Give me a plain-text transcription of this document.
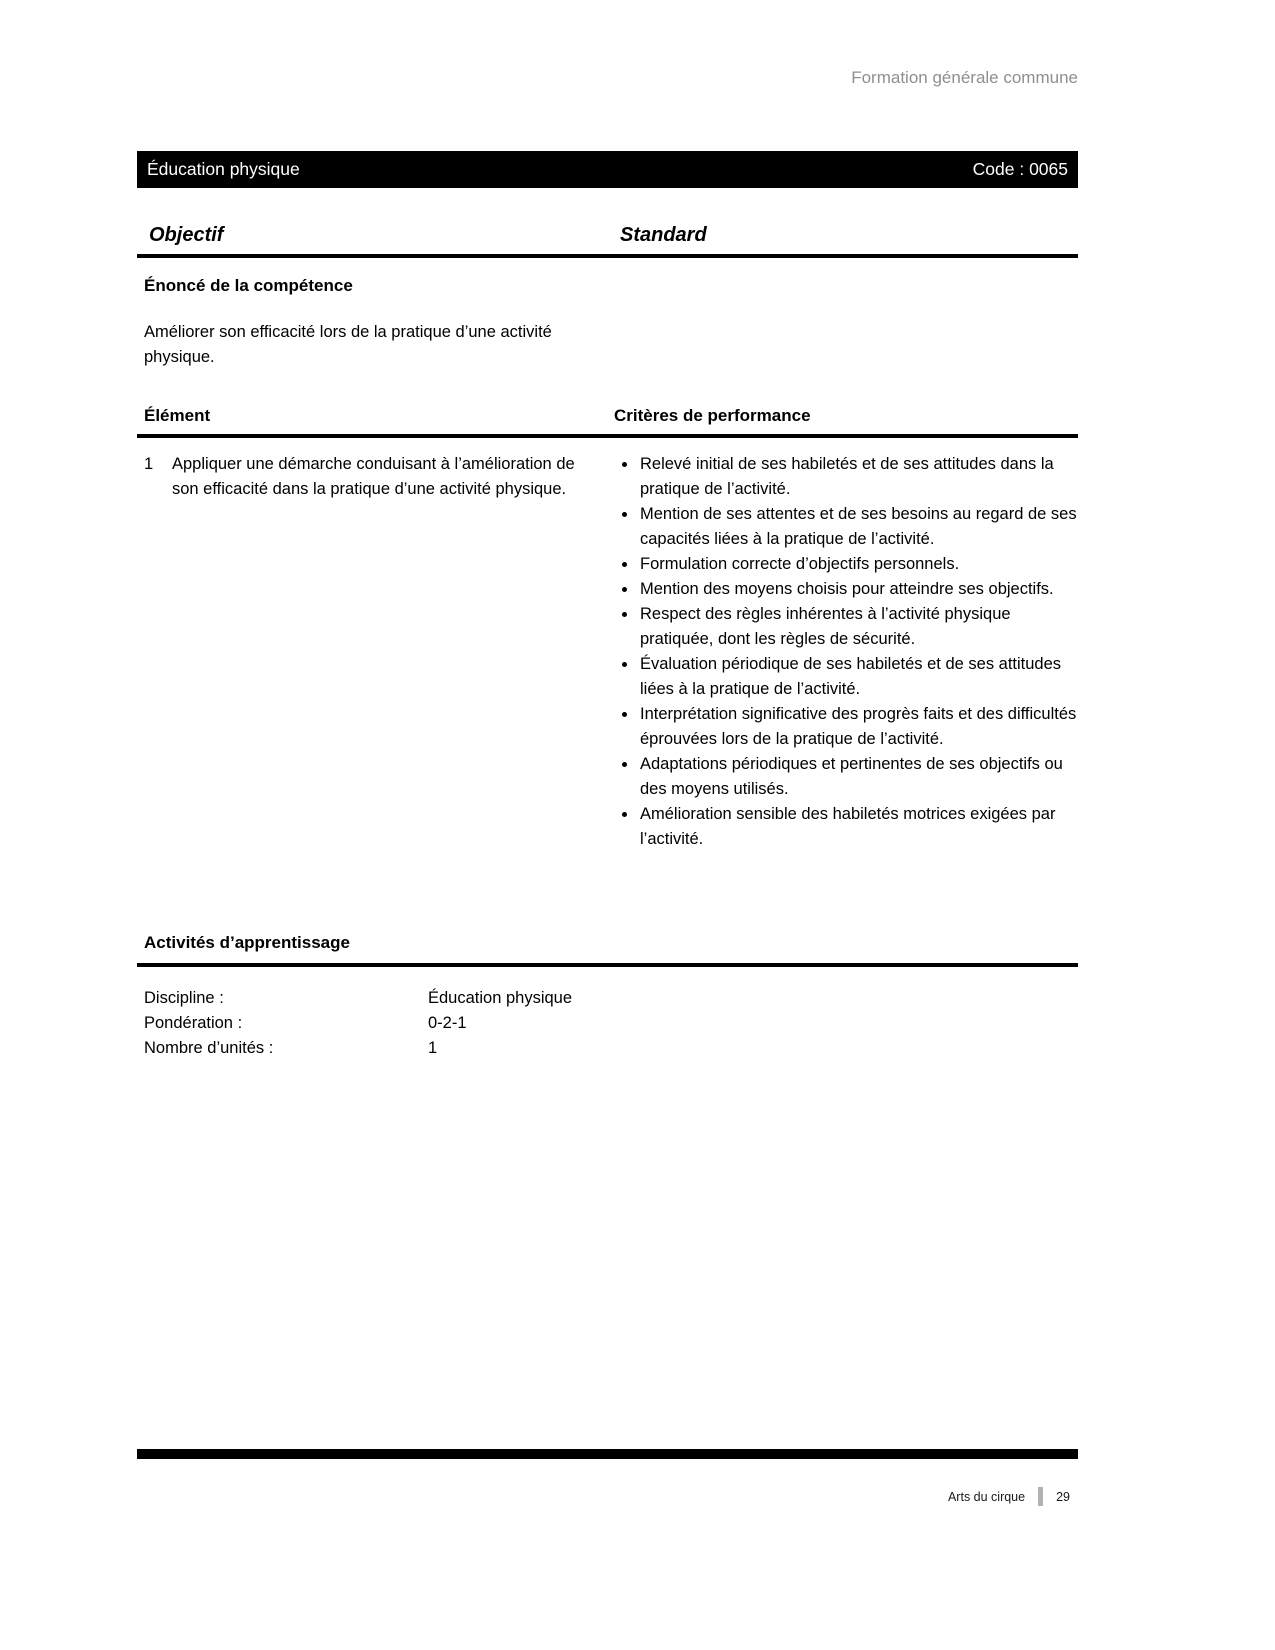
Formation générale commune
Éducation physique	Code : 0065
Objectif	Standard
Énoncé de la compétence
Améliorer son efficacité lors de la pratique d’une activité physique.
Élément	Critères de performance
1	Appliquer une démarche conduisant à l’amélioration de son efficacité dans la pratique d’une activité physique.
• Relevé initial de ses habiletés et de ses attitudes dans la pratique de l’activité.
• Mention de ses attentes et de ses besoins au regard de ses capacités liées à la pratique de l’activité.
• Formulation correcte d’objectifs personnels.
• Mention des moyens choisis pour atteindre ses objectifs.
• Respect des règles inhérentes à l’activité physique pratiquée, dont les règles de sécurité.
• Évaluation périodique de ses habiletés et de ses attitudes liées à la pratique de l’activité.
• Interprétation significative des progrès faits et des difficultés éprouvées lors de la pratique de l’activité.
• Adaptations périodiques et pertinentes de ses objectifs ou des moyens utilisés.
• Amélioration sensible des habiletés motrices exigées par l’activité.
Activités d’apprentissage
Discipline :	Éducation physique
Pondération :	0-2-1
Nombre d’unités :	1
Arts du cirque 29
